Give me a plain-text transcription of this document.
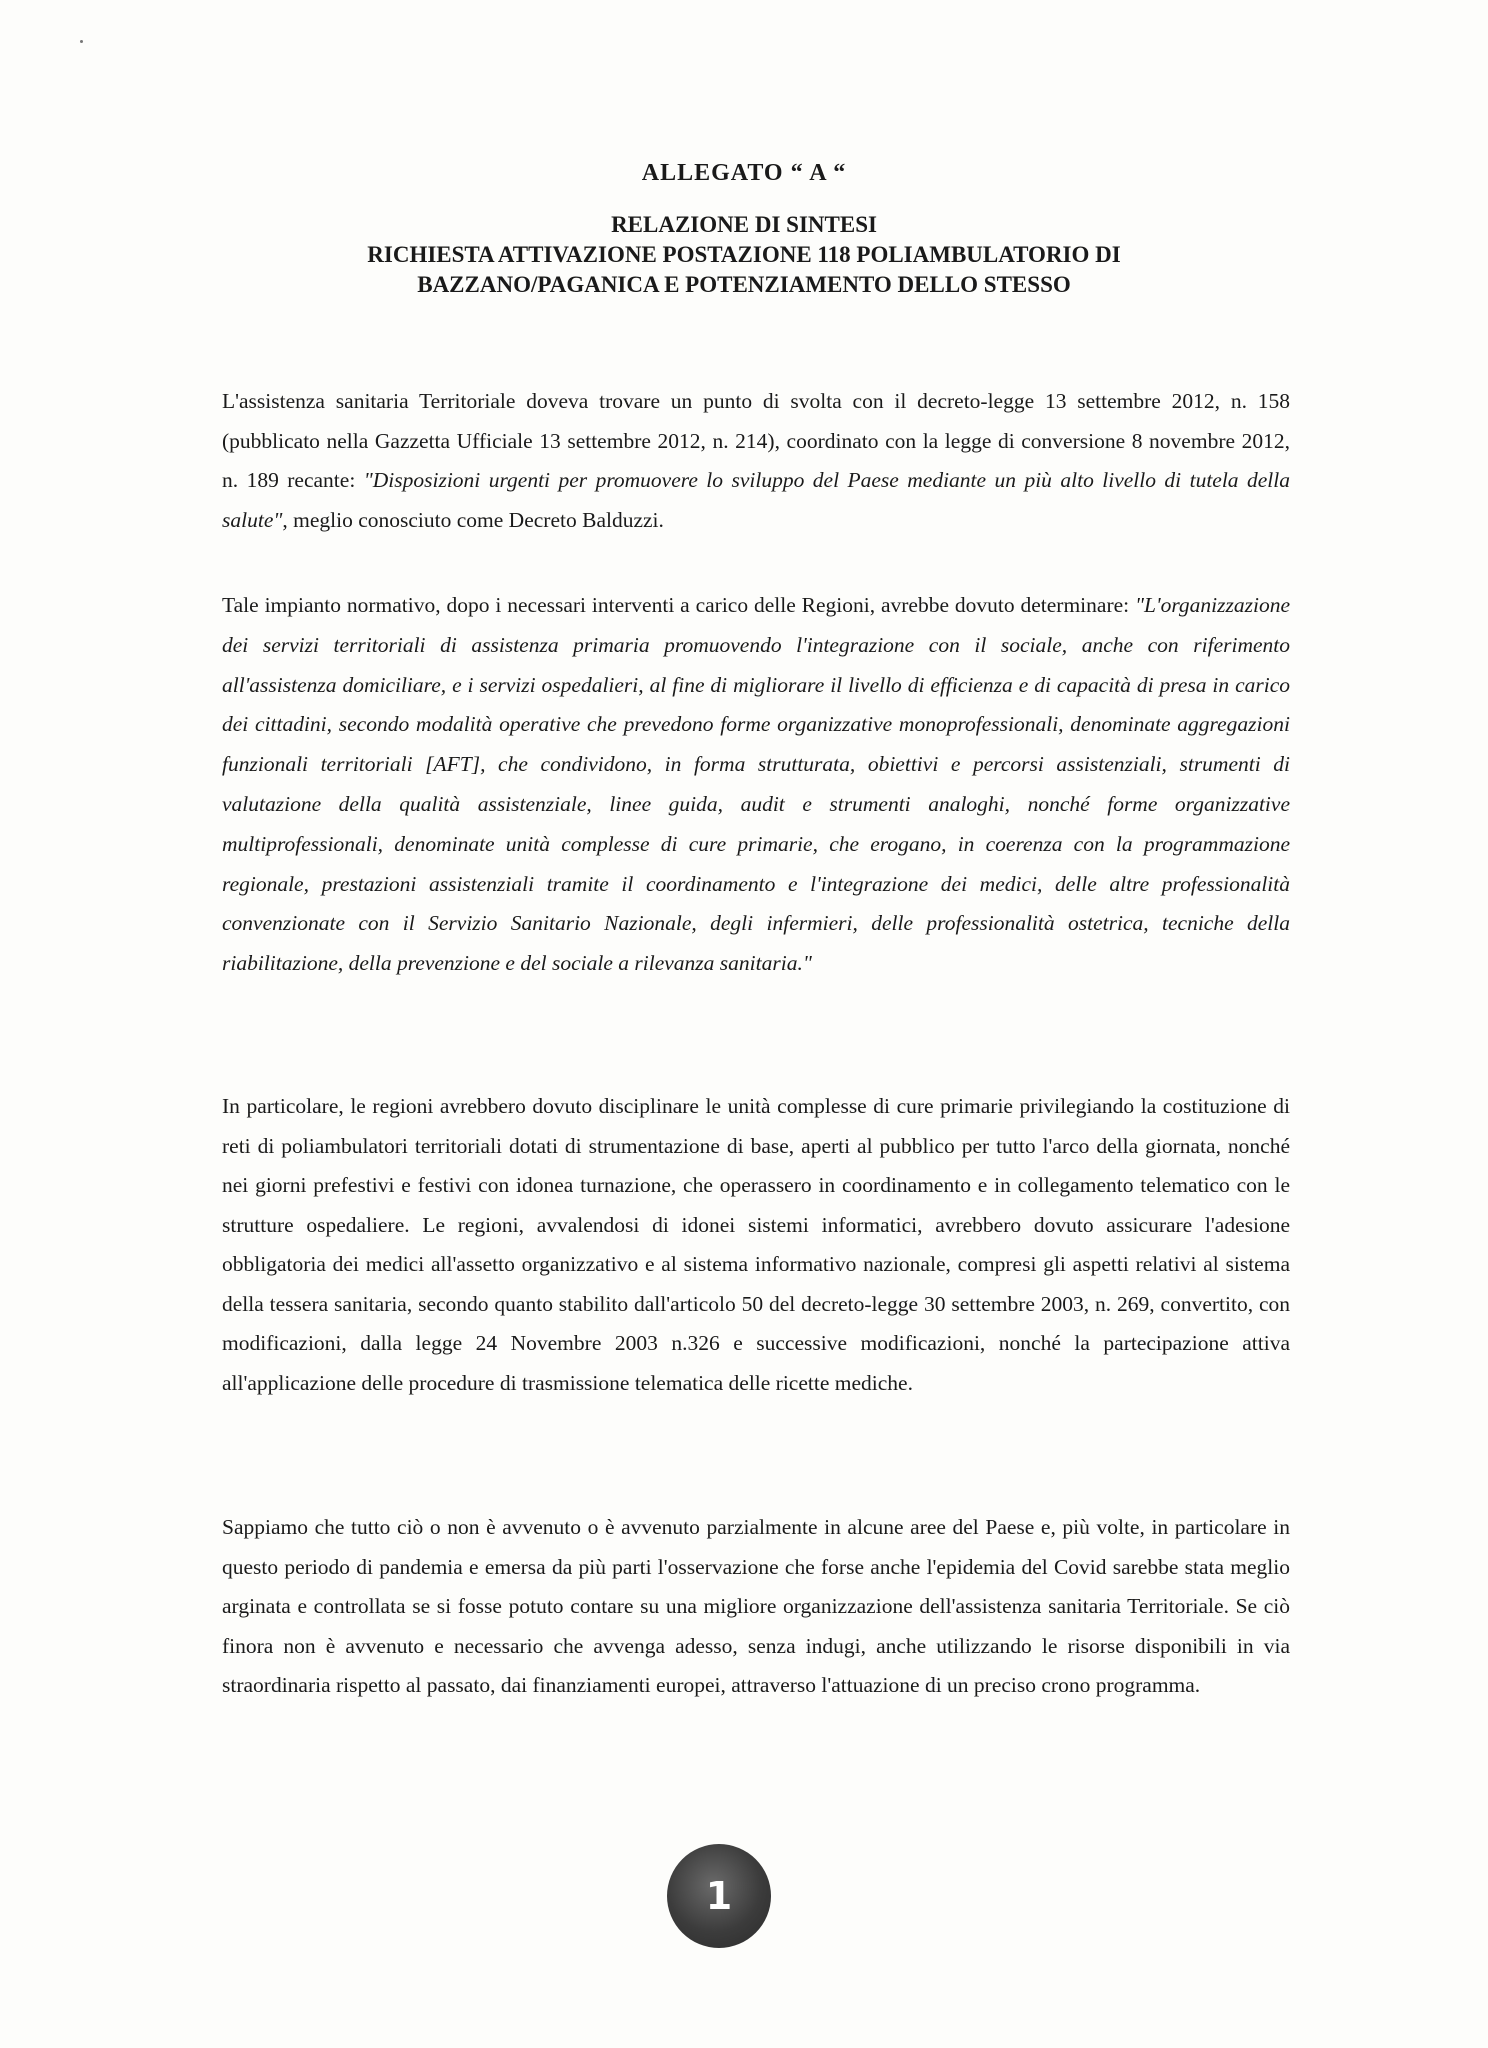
ALLEGATO “ A “
RELAZIONE DI SINTESI
RICHIESTA ATTIVAZIONE POSTAZIONE 118 POLIAMBULATORIO DI
BAZZANO/PAGANICA E POTENZIAMENTO DELLO STESSO

L'assistenza sanitaria Territoriale doveva trovare un punto di svolta con il decreto-legge 13 settembre 2012, n. 158 (pubblicato nella Gazzetta Ufficiale 13 settembre 2012, n. 214), coordinato con la legge di conversione 8 novembre 2012, n. 189 recante: "Disposizioni urgenti per promuovere lo sviluppo del Paese mediante un più alto livello di tutela della salute", meglio conosciuto come Decreto Balduzzi.

Tale impianto normativo, dopo i necessari interventi a carico delle Regioni, avrebbe dovuto determinare: "L'organizzazione dei servizi territoriali di assistenza primaria promuovendo l'integrazione con il sociale, anche con riferimento all'assistenza domiciliare, e i servizi ospedalieri, al fine di migliorare il livello di efficienza e di capacità di presa in carico dei cittadini, secondo modalità operative che prevedono forme organizzative monoprofessionali, denominate aggregazioni funzionali territoriali [AFT], che condividono, in forma strutturata, obiettivi e percorsi assistenziali, strumenti di valutazione della qualità assistenziale, linee guida, audit e strumenti analoghi, nonché forme organizzative multiprofessionali, denominate unità complesse di cure primarie, che erogano, in coerenza con la programmazione regionale, prestazioni assistenziali tramite il coordinamento e l'integrazione dei medici, delle altre professionalità convenzionate con il Servizio Sanitario Nazionale, degli infermieri, delle professionalità ostetrica, tecniche della riabilitazione, della prevenzione e del sociale a rilevanza sanitaria."

In particolare, le regioni avrebbero dovuto disciplinare le unità complesse di cure primarie privilegiando la costituzione di reti di poliambulatori territoriali dotati di strumentazione di base, aperti al pubblico per tutto l'arco della giornata, nonché nei giorni prefestivi e festivi con idonea turnazione, che operassero in coordinamento e in collegamento telematico con le strutture ospedaliere. Le regioni, avvalendosi di idonei sistemi informatici, avrebbero dovuto assicurare l'adesione obbligatoria dei medici all'assetto organizzativo e al sistema informativo nazionale, compresi gli aspetti relativi al sistema della tessera sanitaria, secondo quanto stabilito dall'articolo 50 del decreto-legge 30 settembre 2003, n. 269, convertito, con modificazioni, dalla legge 24 Novembre 2003 n.326 e successive modificazioni, nonché la partecipazione attiva all'applicazione delle procedure di trasmissione telematica delle ricette mediche.

Sappiamo che tutto ciò o non è avvenuto o è avvenuto parzialmente in alcune aree del Paese e, più volte, in particolare in questo periodo di pandemia e emersa da più parti l'osservazione che forse anche l'epidemia del Covid sarebbe stata meglio arginata e controllata se si fosse potuto contare su una migliore organizzazione dell'assistenza sanitaria Territoriale. Se ciò finora non è avvenuto e necessario che avvenga adesso, senza indugi, anche utilizzando le risorse disponibili in via straordinaria rispetto al passato, dai finanziamenti europei, attraverso l'attuazione di un preciso crono programma.

1
